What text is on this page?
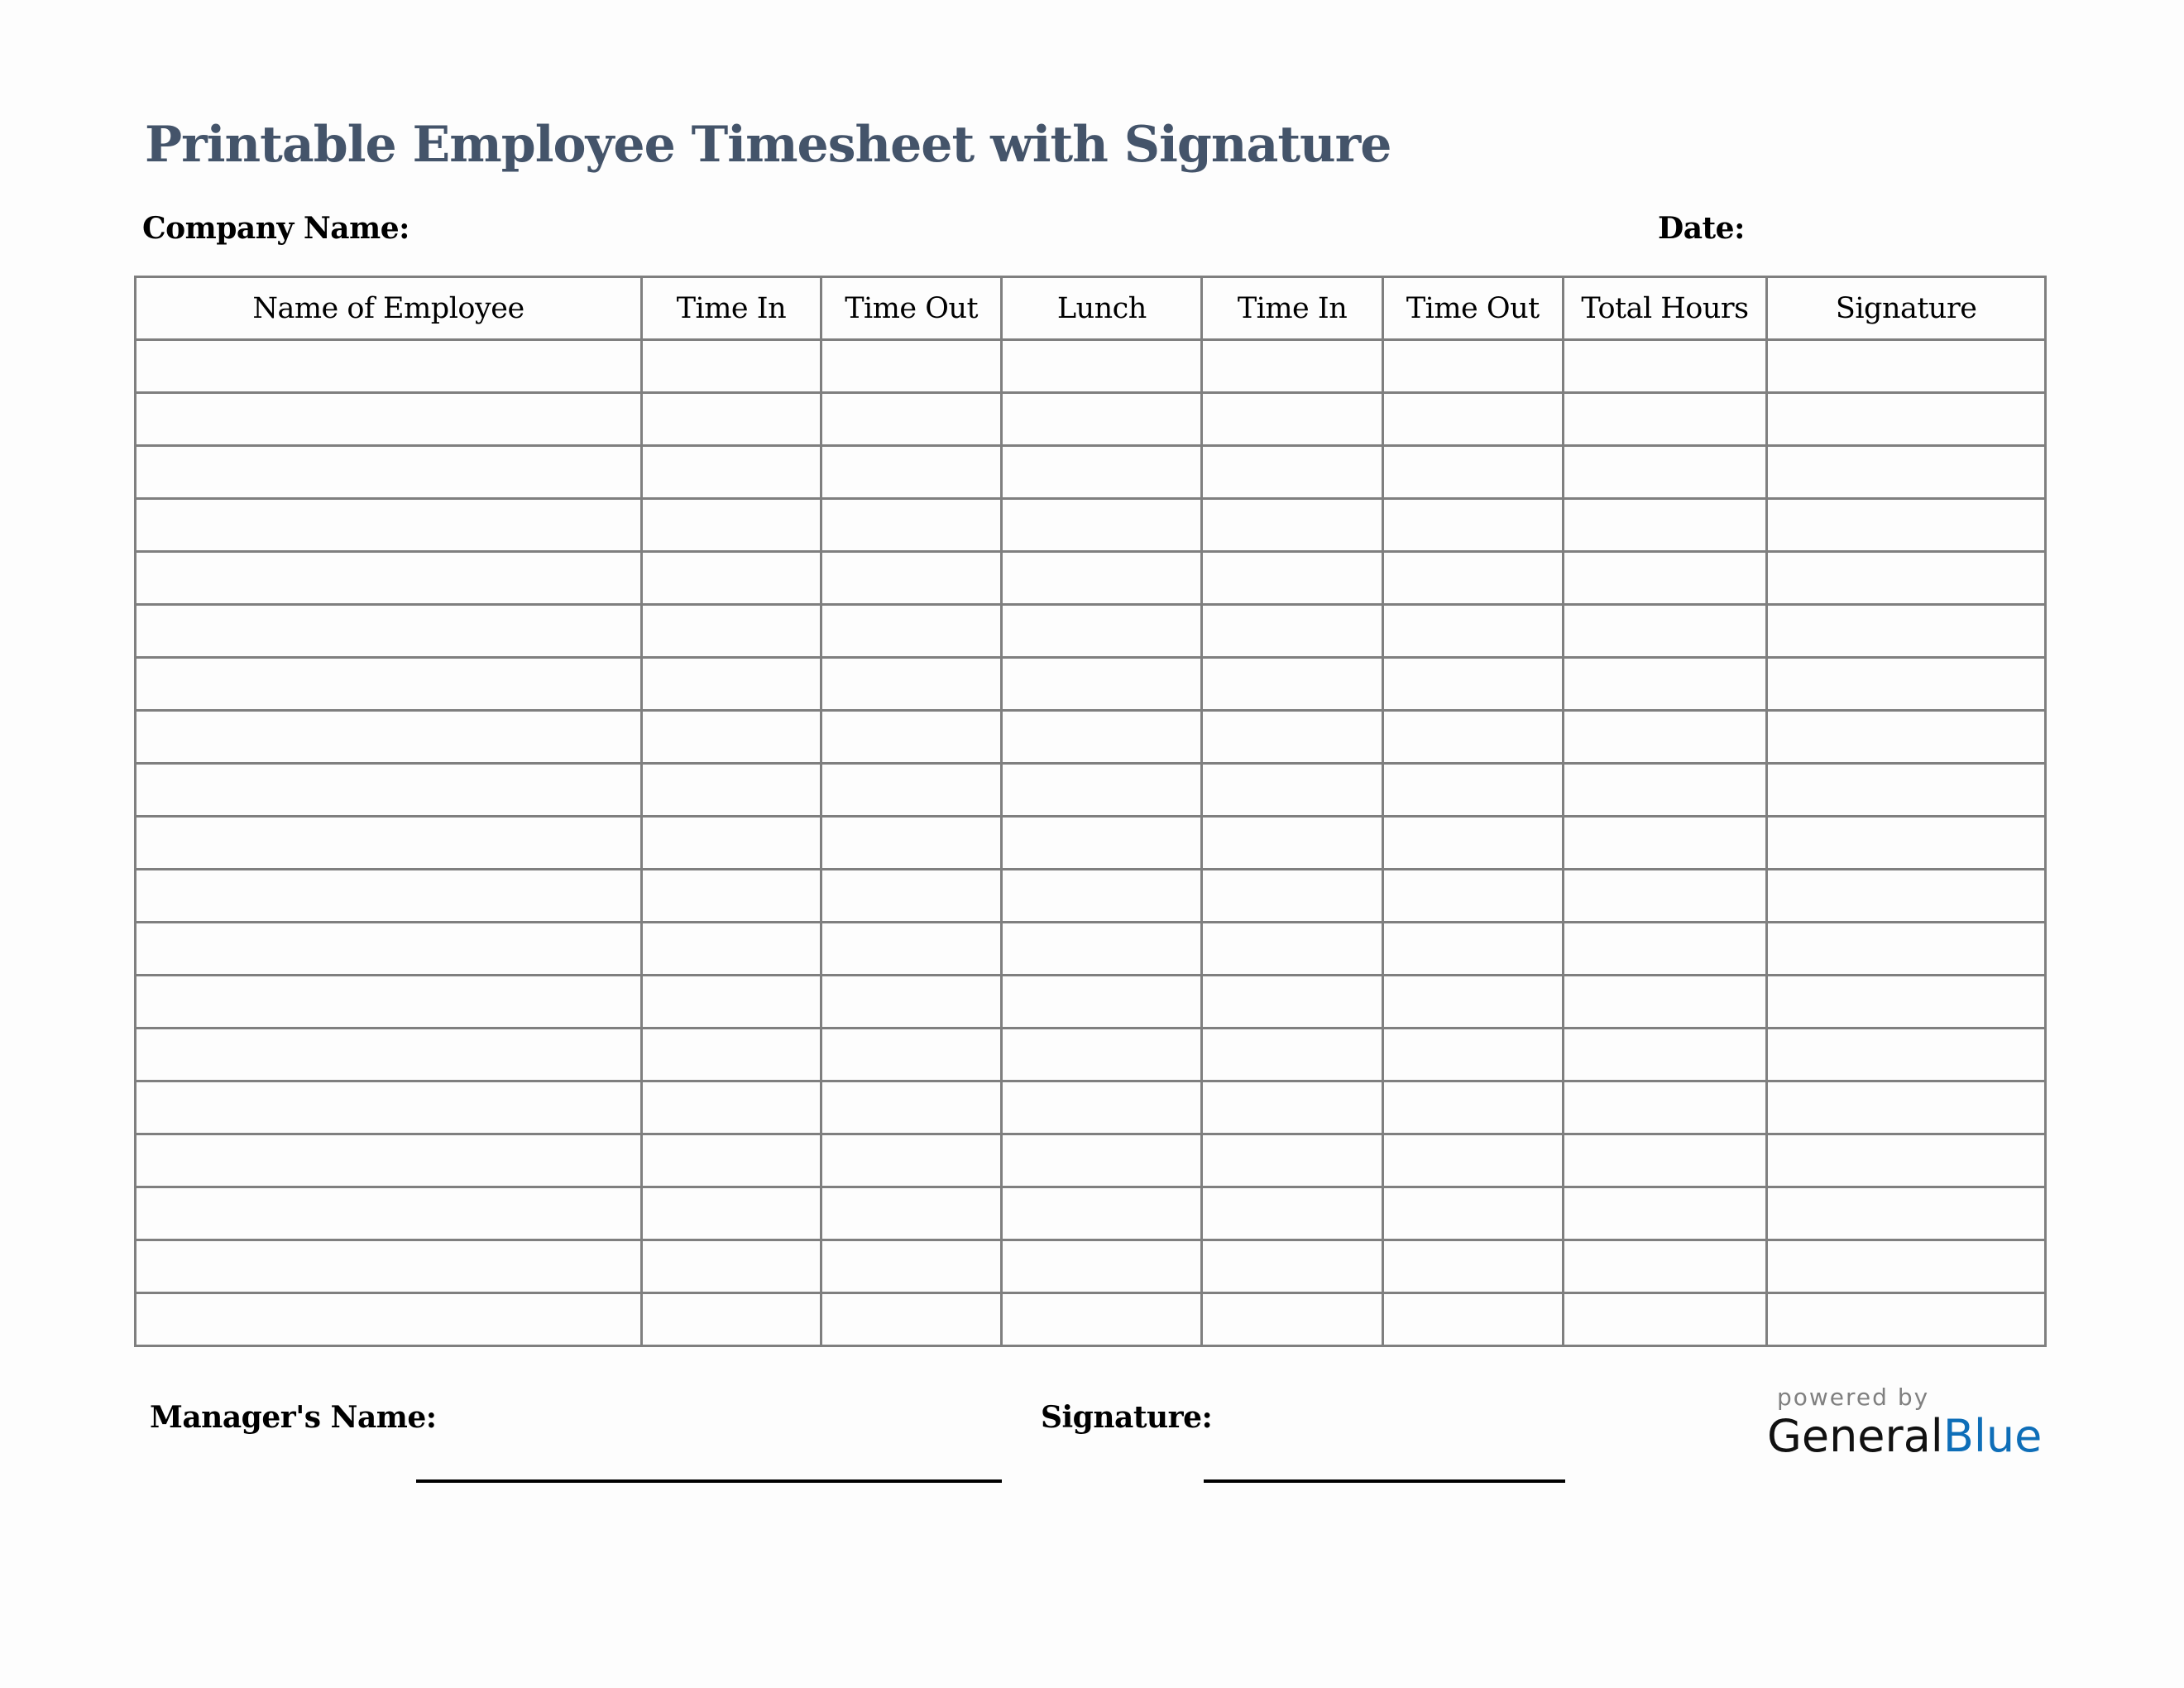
Printable Employee Timesheet with Signature
Company Name:	Date:
Name of Employee	Time In	Time Out	Lunch	Time In	Time Out	Total Hours	Signature

Manager's Name:	Signature:
powered by
GeneralBlue
